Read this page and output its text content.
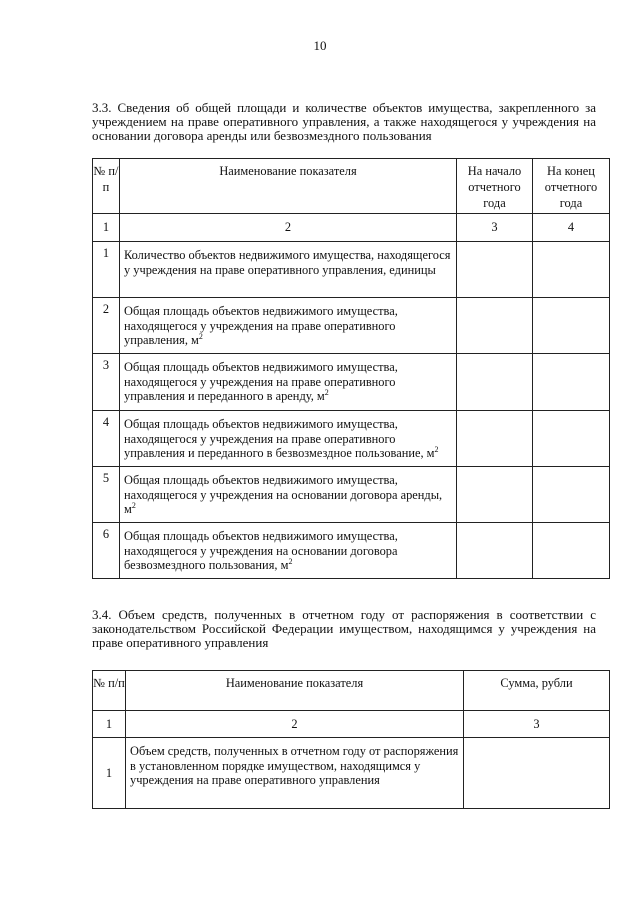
10
3.3. Сведения об общей площади и количестве объектов имущества, закрепленного за учреждением на праве оперативного управления, а также находящегося у учреждения на основании договора аренды или безвозмездного пользования
№ п/п	Наименование показателя	На начало отчетного года	На конец отчетного года
1	2	3	4
1	Количество объектов недвижимого имущества, находящегося у учреждения на праве оперативного управления, единицы		
2	Общая площадь объектов недвижимого имущества, находящегося у учреждения на праве оперативного управления, $м^2$		
3	Общая площадь объектов недвижимого имущества, находящегося у учреждения на праве оперативного управления и переданного в аренду, $м^2$		
4	Общая площадь объектов недвижимого имущества, находящегося у учреждения на праве оперативного управления и переданного в безвозмездное пользование, $м^2$		
5	Общая площадь объектов недвижимого имущества, находящегося у учреждения на основании договора аренды, $м^2$		
6	Общая площадь объектов недвижимого имущества, находящегося у учреждения на основании договора безвозмездного пользования, $м^2$		
3.4. Объем средств, полученных в отчетном году от распоряжения в соответствии с законодательством Российской Федерации имуществом, находящимся у учреждения на праве оперативного управления
№ п/п	Наименование показателя	Сумма, рубли
1	2	3
1	Объем средств, полученных в отчетном году от распоряжения в установленном порядке имуществом, находящимся у учреждения на праве оперативного управления	
